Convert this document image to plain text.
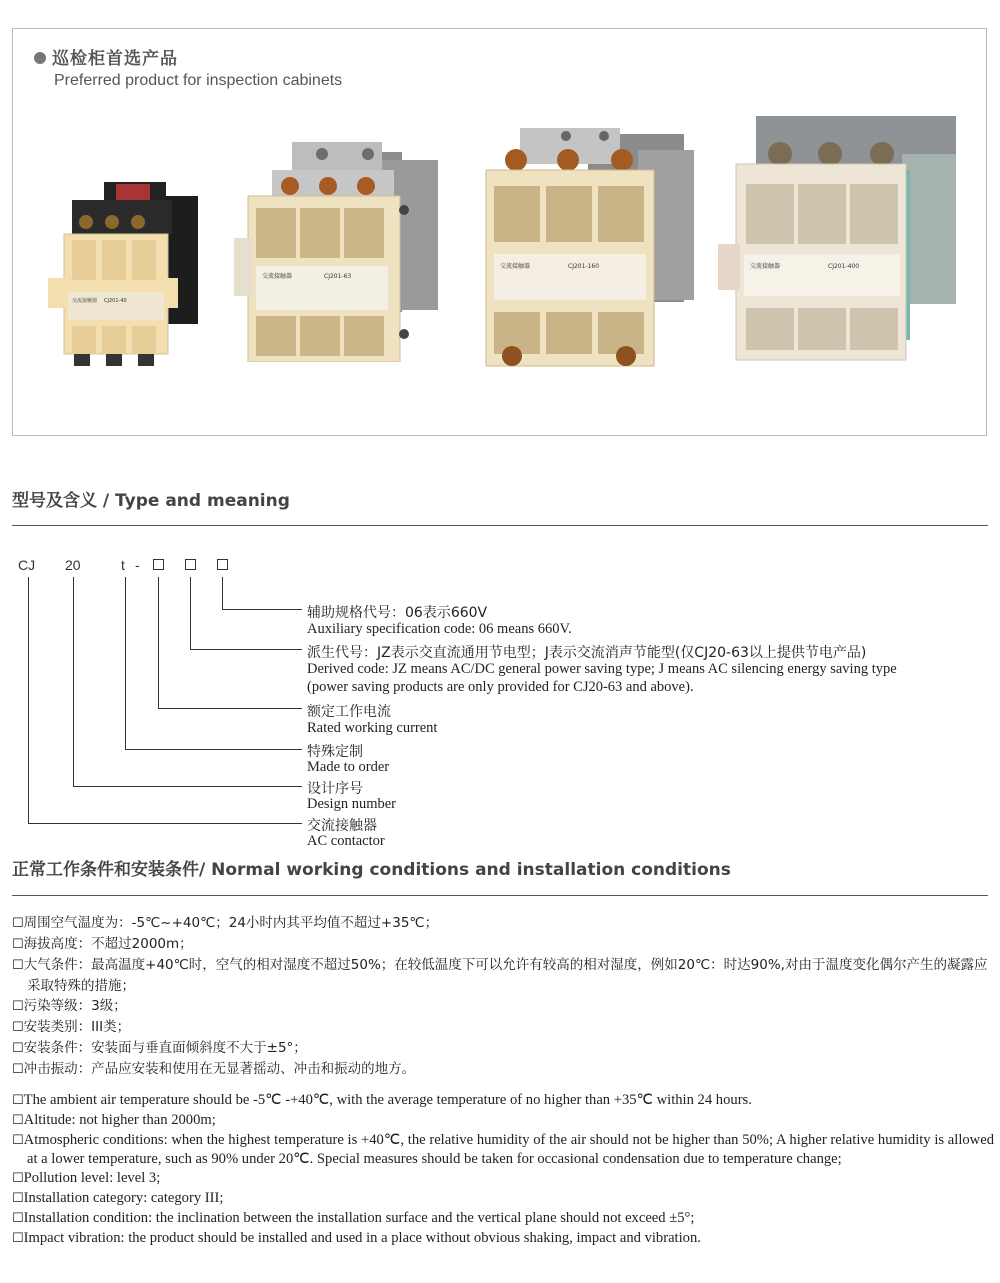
巡检柜首选产品
Preferred product for inspection cabinets
交流接触器 CJ201-40
交流接触器	CJ201-63
交流接触器	CJ201-160	交流接触器	CJ201-400
型号及含义 / Type and meaning
CJ 20	t -
辅助规格代号：06表示660V
Auxiliary specification code: 06 means 660V.
派生代号：JZ表示交直流通用节电型；J表示交流消声节能型(仅CJ20-63以上提供节电产品)
Derived code: JZ means AC/DC general power saving type; J means AC silencing energy saving type
(power saving products are only provided for CJ20-63 and above).
额定工作电流
Rated working current
特殊定制
Made to order
设计序号
Design number
交流接触器
AC contactor
正常工作条件和安装条件/ Normal working conditions and installation conditions

☐周围空气温度为：-5℃~+40℃；24小时内其平均值不超过+35℃；

☐海拔高度：不超过2000m；

☐大气条件：最高温度+40℃时，空气的相对湿度不超过50%；在较低温度下可以允许有较高的相对湿度，例如20℃：时达90%,对由于温度变化偶尔产生的凝露应采取特殊的措施；

☐污染等级：3级；

☐安装类别：III类；

☐安装条件：安装面与垂直面倾斜度不大于±5°；

☐冲击振动：产品应安装和使用在无显著摇动、冲击和振动的地方。

☐The ambient air temperature should be -5℃ -+40℃, with the average temperature of no higher than +35℃ within 24 hours.

☐Altitude: not higher than 2000m;

☐Atmospheric conditions: when the highest temperature is +40℃, the relative humidity of the air should not be higher than 50%; A higher relative humidity is allowed at a lower temperature, such as 90% under 20℃. Special measures should be taken for occasional condensation due to temperature change;

☐Pollution level: level 3;

☐Installation category: category III;

☐Installation condition: the inclination between the installation surface and the vertical plane should not exceed ±5°;

☐Impact vibration: the product should be installed and used in a place without obvious shaking, impact and vibration.
